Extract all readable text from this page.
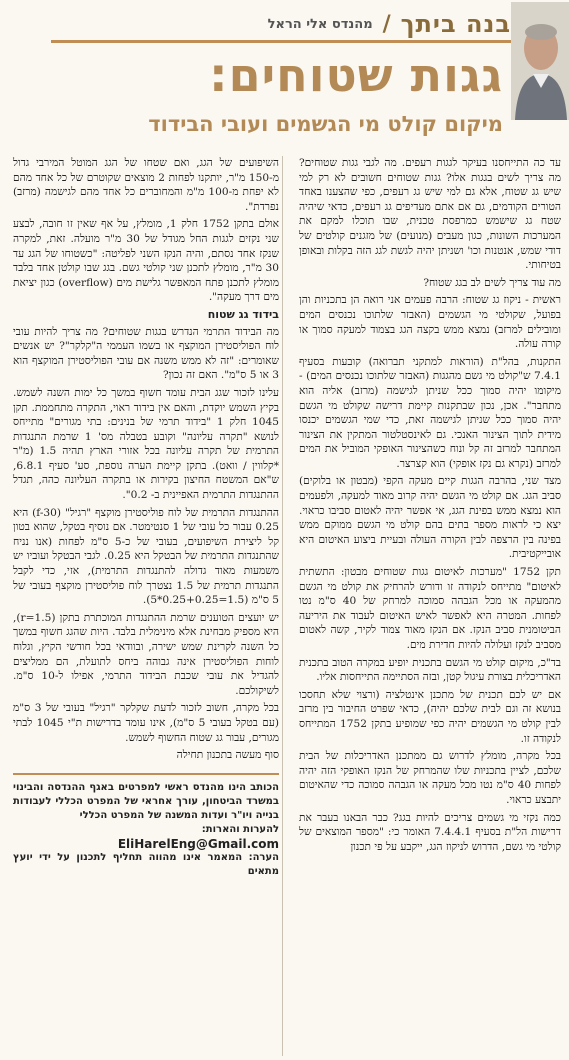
בנה ביתך
/
מהנדס אלי הראל
גגות שטוחים:
מיקום קולט מי הגשמים ועובי הבידוד

עד כה התייחסנו בעיקר לגגות רעפים. מה לגבי גגות שטוחים? מה צריך לשים בגגות אלו? גגות שטוחים חשובים לא רק למי שיש גג שטוח, אלא גם למי שיש גג רעפים, כפי שהצענו באחד הטורים הקודמים, גם אם אתם מעדיפים גג רעפים, כדאי שיהיה שטח גג שישמש כמרפסת טכנית, שבו תוכלו למקם את המערכות השונות, כגון מעבים (מנועים) של מזגנים קולטים של דודי שמש, אנטנות וכו' ושניתן יהיה לגשת לגג הזה בקלות ובאופן בטיחותי.

מה עוד צריך לשים לב בגג שטוח?

ראשית - ניקוז גג שטוח: הרבה פעמים אני רואה הן בתכניות והן בפועל, שקולטי מי הגשמים (האבזר שלתוכו נכנסים המים ומובילים למרזב) נמצא ממש בקצה הגג בצמוד למעקה סמוך או קורה עולה.

התקנות, בהל"ת (הוראות למתקני תברואה) קובעות בסעיף 7.4.1 ש"קולט מי גשם מהגגות (האבזר שלתוכו נכנסים המים) - מיקומו יהיה סמוך ככל שניתן לגישמה (מרזב) אליה הוא מתחבר". אכן, נכון שבתקנות קיימת דרישה שקולט מי הגשם יהיה סמוך ככל שניתן לגישמה זאת, כדי שמי הגשמים יכנסו מידית לתוך הצינור האנכי. גם לאינסטלטור המתקין את הצינור המתחבר למרזב זה קל ונוח כשהצינור האופקי המוביל את המים למרזב (נקרא גם נקז אופקי) הוא קצרצר.

מצד שני, בהרבה הגגות קיים מעקה הקפי (מבטון או בלוקים) סביב הגג. אם קולט מי הגשם יהיה קרוב מאוד למעקה, ולפעמים הוא נמצא ממש בפינת הגג, אי אפשר יהיה לאטום סביבו כראוי. יצא כי לראות מספר בתים בהם קולט מי הגשם ממוקם ממש בפינה בין הרצפה לבין הקורה העולה ובעיית ביצוע האיטום היא אובייקטיבית.

תקן 1752 "מערכות לאיטום גגות שטוחים מבטון: התשתית לאיטום" מתייחס לנקודה זו ודורש להרחיק את קולט מי הגשם מהמעקה או מכל הגבהה סמוכה למרחק של 40 ס"מ נטו לפחות. המטרה היא לאפשר לאיש האיטום לעבוד את היריעה הביטומנית סביב הנקז. אם הנקז מאוד צמוד לקיר, קשה לאטום מסביב לנקז ועלולה להיות חדירת מים.

בד"כ, מיקום קולט מי הגשם בתכנית יופיע במקרה הטוב בתכנית האדריכלית בצורת עיגול קטן, ובזה הסתיימה התייחסות אליו.

אם יש לכם תכנית של מתכנן אינטלציה (ורצוי שלא תחסכו בנושא זה וגם לבית שלכם יהיה), כדאי שפרט החיבור בין מרזב לבין קולט מי הגשמים יהיה כפי שמופיע בתקן 1752 המתייחס לנקודה זו.

בכל מקרה, מומלץ לדרוש גם ממתכנן האדריכלות של הבית שלכם, לציין בתכניות שלו שהמרחק של הנקז האופקי הזה יהיה לפחות 40 ס"מ נטו מכל מעקה או הגבהה סמוכה כדי שהאיטום יתבצע כראוי.

כמה נקזי מי גשמים צריכים להיות בגג? כבר הבאנו בעבר את דרישות הל"ת בסעיף 7.4.4.1 האומר כי: "מספר המוצאים של קולטי מי גשם, הדרוש לניקוז הגג, ייקבע על פי תכנון

השיפועים של הגג, ואם שטחו של הגג המוטל המירבי גדול מ-150 מ"ר, יותקנו לפחות 2 מוצאים שקוטרם של כל אחד מהם לא יפחת מ-100 מ"מ והמחוברים כל אחד מהם לגישמה (מרזב) נפרדת".

אולם בתקן 1752 חלק 1, מומלץ, על אף שאין זו חובה, לבצע שני נקזים לגגות החל מגודל של 30 מ"ר מועלה. זאת, למקרה שנקז אחד נסתם, והיה הנקז השני לפליטה: "כשטוחו של הגג עד 30 מ"ר, מומלץ לתכנן שני קולטי גשם. בגג שבו קולטן אחד בלבד מומלץ לתכנן פתח המאפשר גלישת מים (overflow) כגון יציאת מים דרך מעקה".

בידוד גג שטוח

מה הבידוד התרמי הנדרש בגגות שטוחים? מה צריך להיות עובי לוח הפוליסטירן המוקצף או בשמו העממי ה"קלקר"? יש אנשים שאומרים: "זה לא ממש משנה אם עובי הפוליסטירן המוקצף הוא 3 או 5 ס"מ". האם זה נכון?

עלינו לזכור שגג הבית עומד חשוף במשך כל ימות השנה לשמש. בקיץ השמש יוקדת, והאם אין בידוד ראוי, התקרה מתחממת. תקן 1045 חלק 1 "בידוד תרמי של בנינים: בתי מגורים" מתייחס לנושא "תקרה עליונה" וקובע בטבלה מס' 1 שרמת התנגדות התרמית של תקרה עליונה בכל אזורי הארץ תהיה 1.5 (מ"ר *קלווין / וואט). בתקן קיימת הערה נוספת, סע' סעיף 6.8.1, ש"אם המשטח החיצון בקירות או בתקרה העליונה כהה, תגדל ההתנגדות התרמית האפיינית ב- 0.2".

ההתנגדות התרמית של לוח פוליסטירן מוקצף "רגיל" (f-30) היא 0.25 עבור כל עובי של 1 סנטימטר. אם נוסיף בטקל, שהוא בטון קל ליצירת השיפועים, בעובי של כ-5 ס"מ לפחות (אנו נניח שהתנגדות התרמית של הבטקל היא 0.25. לגבי הבטקל ועוביו יש משמעות מאוד גדולה להתנגדות התרמית), אזי, כדי לקבל התנגדות תרמית של 1.5 נצטרך לוח פוליסטירן מוקצף בעובי של 5 ס"מ (1.5=0.25+0.25*5).

יש יועצים הטוענים שרמת ההתנגדות המוכתרת בתקן (r=1.5), היא מספיק מבחינת אלא מינימלית בלבד. היות שהגג חשוף במשך כל השנה לקרינת שמש ישירה, ובוודאי בכל חודשי הקיץ, וגלוח לוחות הפוליסטירן אינה גבוהה ביחס לתועלת, הם ממליצים להגדיל את עובי שכבת הבידוד התרמי, אפילו ל-10 ס"מ. לשיקולכם.

בכל מקרה, חשוב לזכור לדעת שקלקר "רגיל" בעובי של 3 ס"מ (עם בטקל בעובי 5 ס"מ), אינו עומד בדרישות ת"י 1045 לבתי מגורים, עבור גג שטוח החשוף לשמש.

סוף מעשה בתכנון תחילה

הכותב הינו מהנדס ראשי למפרטים באגף ההנדסה והבינוי במשרד הביטחון, עורך אחראי של המפרט הכללי לעבודות בנייה ויו"ר ועדות המשנה של המפרט הכללי
להערות והארות:
EliHarelEng@Gmail.com
הערה: המאמר אינו מהווה תחליף לתכנון על ידי יועץ מתאים
